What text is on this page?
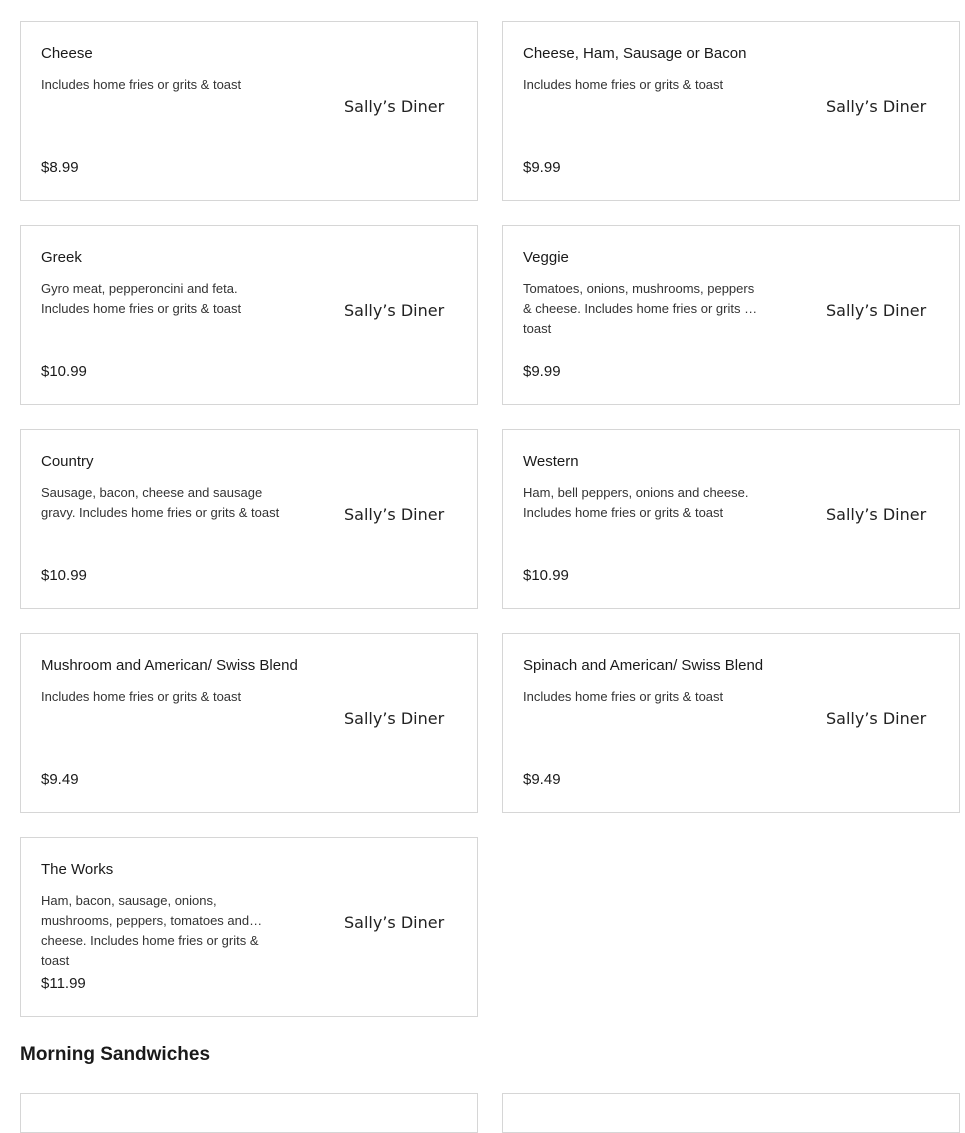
Cheese
Includes home fries or grits & toast
Sally’s Diner
$8.99
Cheese, Ham, Sausage or Bacon
Includes home fries or grits & toast
Sally’s Diner
$9.99
Greek
Gyro meat, pepperoncini and feta. Includes home fries or grits & toast	Sally’s Diner
$10.99
Veggie
Tomatoes, onions, mushrooms, peppers & cheese. Includes home fries or grits & toast
Sally’s Diner
$9.99
Country
Sausage, bacon, cheese and sausage gravy. Includes home fries or grits & toast	Sally’s Diner
$10.99
Western
Ham, bell peppers, onions and cheese. Includes home fries or grits & toast	Sally’s Diner
$10.99
Mushroom and American/ Swiss Blend
Includes home fries or grits & toast
Sally’s Diner
$9.49
Spinach and American/ Swiss Blend
Includes home fries or grits & toast
Sally’s Diner
$9.49
The Works
Ham, bacon, sausage, onions, mushrooms, peppers, tomatoes and cheese. Includes home fries or grits & toast
Sally’s Diner
$11.99
Morning Sandwiches
